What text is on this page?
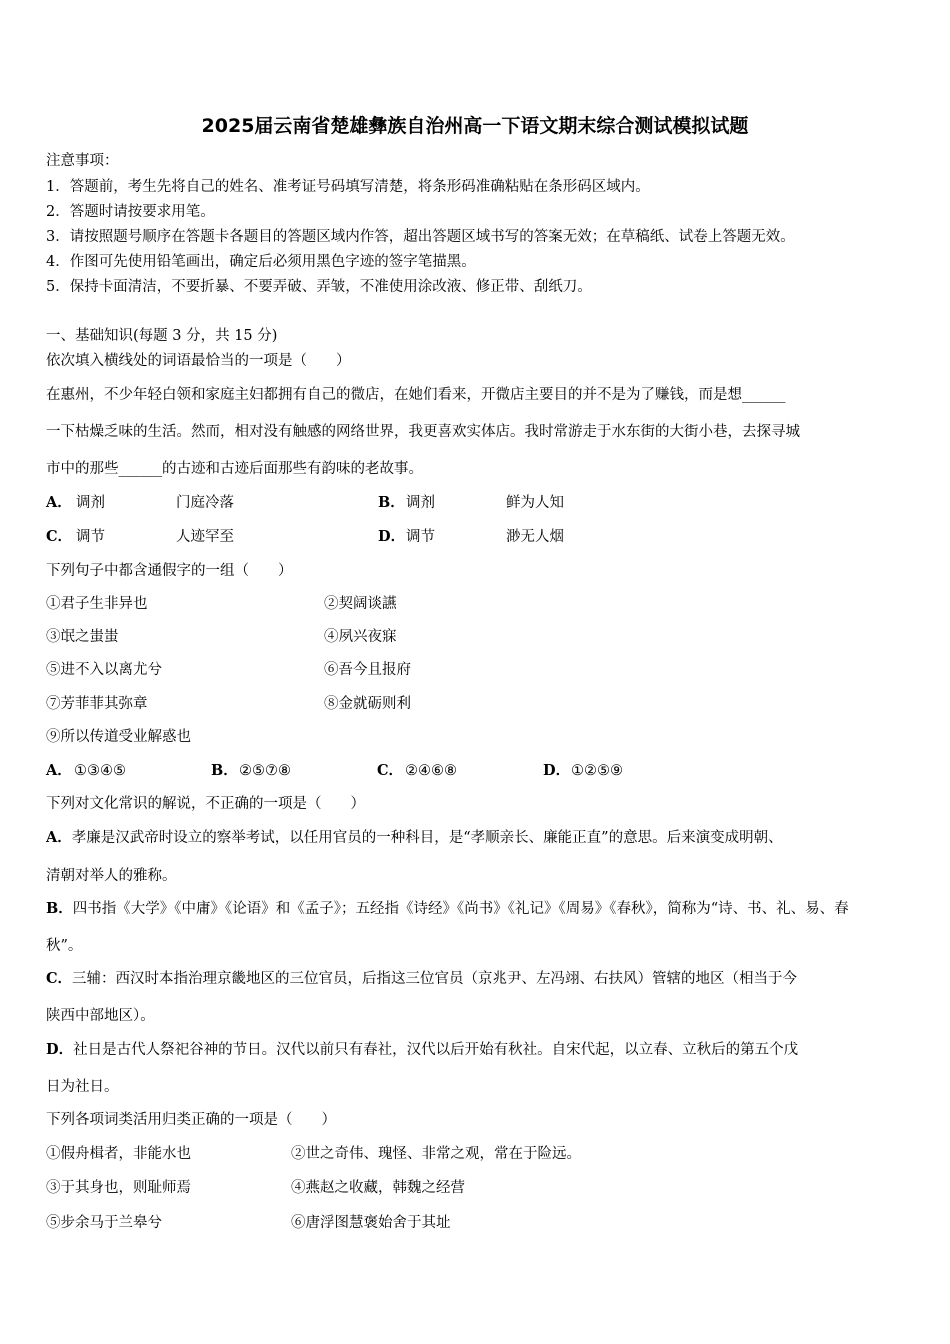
2025届云南省楚雄彝族自治州高一下语文期末综合测试模拟试题
注意事项：
1．答题前，考生先将自己的姓名、准考证号码填写清楚，将条形码准确粘贴在条形码区域内。
2．答题时请按要求用笔。
3．请按照题号顺序在答题卡各题目的答题区域内作答，超出答题区域书写的答案无效；在草稿纸、试卷上答题无效。
4．作图可先使用铅笔画出，确定后必须用黑色字迹的签字笔描黑。
5．保持卡面清洁，不要折暴、不要弄破、弄皱，不准使用涂改液、修正带、刮纸刀。
一、基础知识(每题 3 分，共 15 分)
依次填入横线处的词语最恰当的一项是（　　）
在惠州，不少年轻白领和家庭主妇都拥有自己的微店，在她们看来，开微店主要目的并不是为了赚钱，而是想______
一下枯燥乏味的生活。然而，相对没有触感的网络世界，我更喜欢实体店。我时常游走于水东街的大街小巷，去探寻城
市中的那些______的古迹和古迹后面那些有韵味的老故事。
A． 调剂	门庭冷落	B． 调剂	鲜为人知
C． 调节	人迹罕至	D． 调节	渺无人烟
下列句子中都含通假字的一组（　　）
①君子生非异也	②契阔谈讌
③氓之蚩蚩	④夙兴夜寐
⑤进不入以离尤兮	⑥吾今且报府
⑦芳菲菲其弥章	⑧金就砺则利
⑨所以传道受业解惑也
A． ①③④⑤	B． ②⑤⑦⑧	C． ②④⑥⑧	D． ①②⑤⑨
下列对文化常识的解说，不正确的一项是（　　）
A．孝廉是汉武帝时设立的察举考试，以任用官员的一种科目，是“孝顺亲长、廉能正直”的意思。后来演变成明朝、
清朝对举人的雅称。
B．四书指《大学》《中庸》《论语》和《孟子》；五经指《诗经》《尚书》《礼记》《周易》《春秋》，简称为“诗、书、礼、易、春
秋”。
C．三辅：西汉时本指治理京畿地区的三位官员，后指这三位官员（京兆尹、左冯翊、右扶风）管辖的地区（相当于今
陕西中部地区）。
D．社日是古代人祭祀谷神的节日。汉代以前只有春社，汉代以后开始有秋社。自宋代起，以立春、立秋后的第五个戊
日为社日。
下列各项词类活用归类正确的一项是（　　）
①假舟楫者，非能水也	②世之奇伟、瑰怪、非常之观，常在于险远。
③于其身也，则耻师焉	④燕赵之收藏，韩魏之经营
⑤步余马于兰皋兮	⑥唐浮图慧褒始舍于其址
